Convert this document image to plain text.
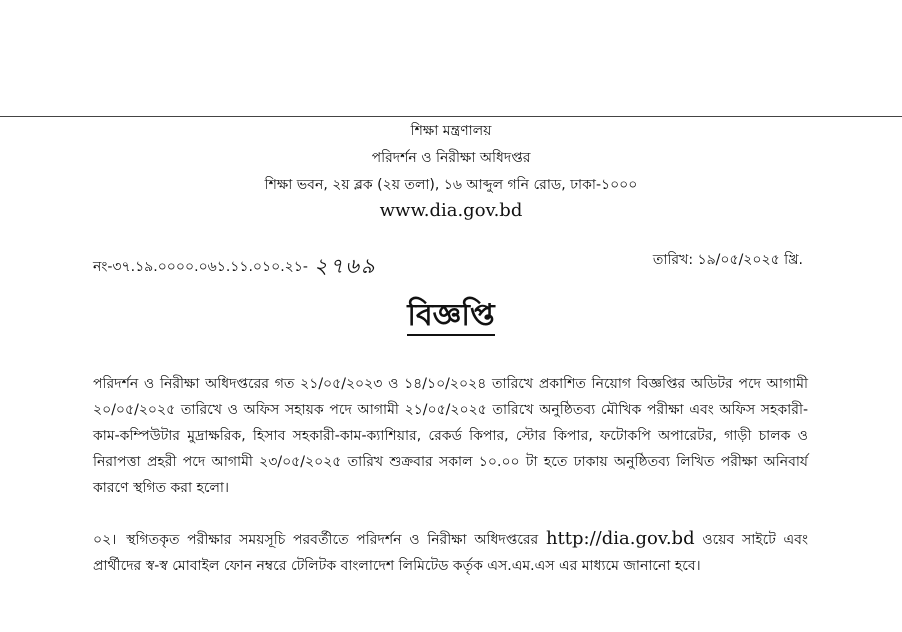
শিক্ষা মন্ত্রণালয়
পরিদর্শন ও নিরীক্ষা অধিদপ্তর
শিক্ষা ভবন, ২য় ব্লক (২য় তলা), ১৬ আব্দুল গনি রোড, ঢাকা-১০০০
www.dia.gov.bd
নং-৩৭.১৯.০০০০.০৬১.১১.০১০.২১- ২৭৬৯	তারিখ: ১৯/০৫/২০২৫ খ্রি.
বিজ্ঞপ্তি
পরিদর্শন ও নিরীক্ষা অধিদপ্তরের গত ২১/০৫/২০২৩ ও ১৪/১০/২০২৪ তারিখে প্রকাশিত নিয়োগ বিজ্ঞপ্তির অডিটর পদে আগামী ২০/০৫/২০২৫ তারিখে ও অফিস সহায়ক পদে আগামী ২১/০৫/২০২৫ তারিখে অনুষ্ঠিতব্য মৌখিক পরীক্ষা এবং অফিস সহকারী-কাম-কম্পিউটার মুদ্রাক্ষরিক, হিসাব সহকারী-কাম-ক্যাশিয়ার, রেকর্ড কিপার, স্টোর কিপার, ফটোকপি অপারেটর, গাড়ী চালক ও নিরাপত্তা প্রহরী পদে আগামী ২৩/০৫/২০২৫ তারিখ শুক্রবার সকাল ১০.০০ টা হতে ঢাকায় অনুষ্ঠিতব্য লিখিত পরীক্ষা অনিবার্য কারণে স্থগিত করা হলো।
০২। স্থগিতকৃত পরীক্ষার সময়সূচি পরবর্তীতে পরিদর্শন ও নিরীক্ষা অধিদপ্তরের http://dia.gov.bd ওয়েব সাইটে এবং প্রার্থীদের স্ব-স্ব মোবাইল ফোন নম্বরে টেলিটক বাংলাদেশ লিমিটেড কর্তৃক এস.এম.এস এর মাধ্যমে জানানো হবে।
